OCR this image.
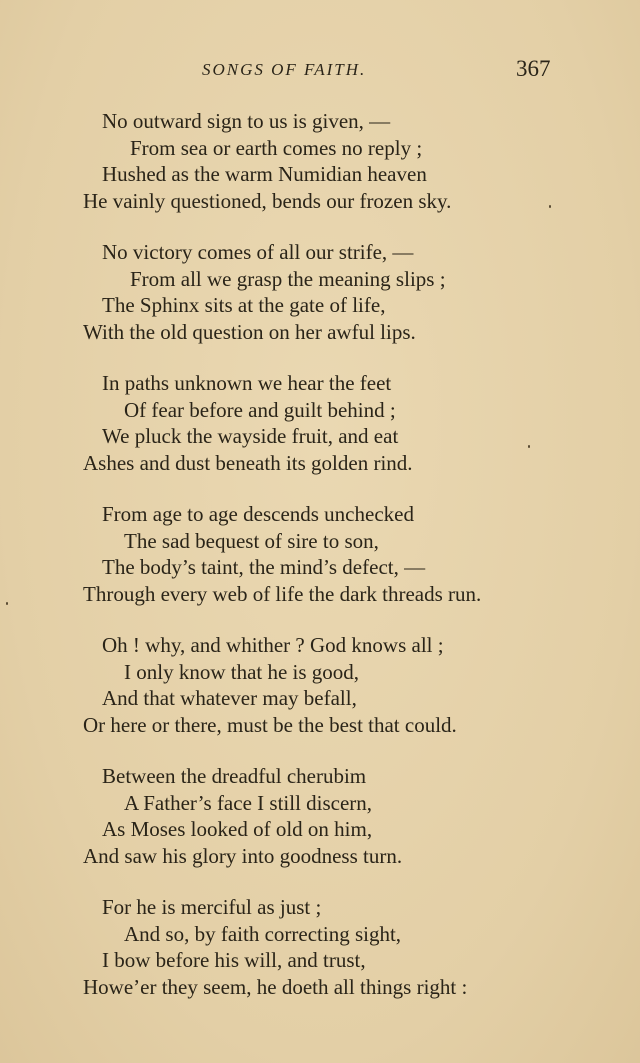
SONGS OF FAITH.	367
No outward sign to us is given, —
From sea or earth comes no reply ;
Hushed as the warm Numidian heaven
He vainly questioned, bends our frozen sky.
No victory comes of all our strife, —
From all we grasp the meaning slips ;
The Sphinx sits at the gate of life,
With the old question on her awful lips.
In paths unknown we hear the feet
Of fear before and guilt behind ;
We pluck the wayside fruit, and eat
Ashes and dust beneath its golden rind.
From age to age descends unchecked
The sad bequest of sire to son,
The body’s taint, the mind’s defect, —
Through every web of life the dark threads run.
Oh ! why, and whither ? God knows all ;
I only know that he is good,
And that whatever may befall,
Or here or there, must be the best that could.
Between the dreadful cherubim
A Father’s face I still discern,
As Moses looked of old on him,
And saw his glory into goodness turn.
For he is merciful as just ;
And so, by faith correcting sight,
I bow before his will, and trust,
Howe’er they seem, he doeth all things right :
